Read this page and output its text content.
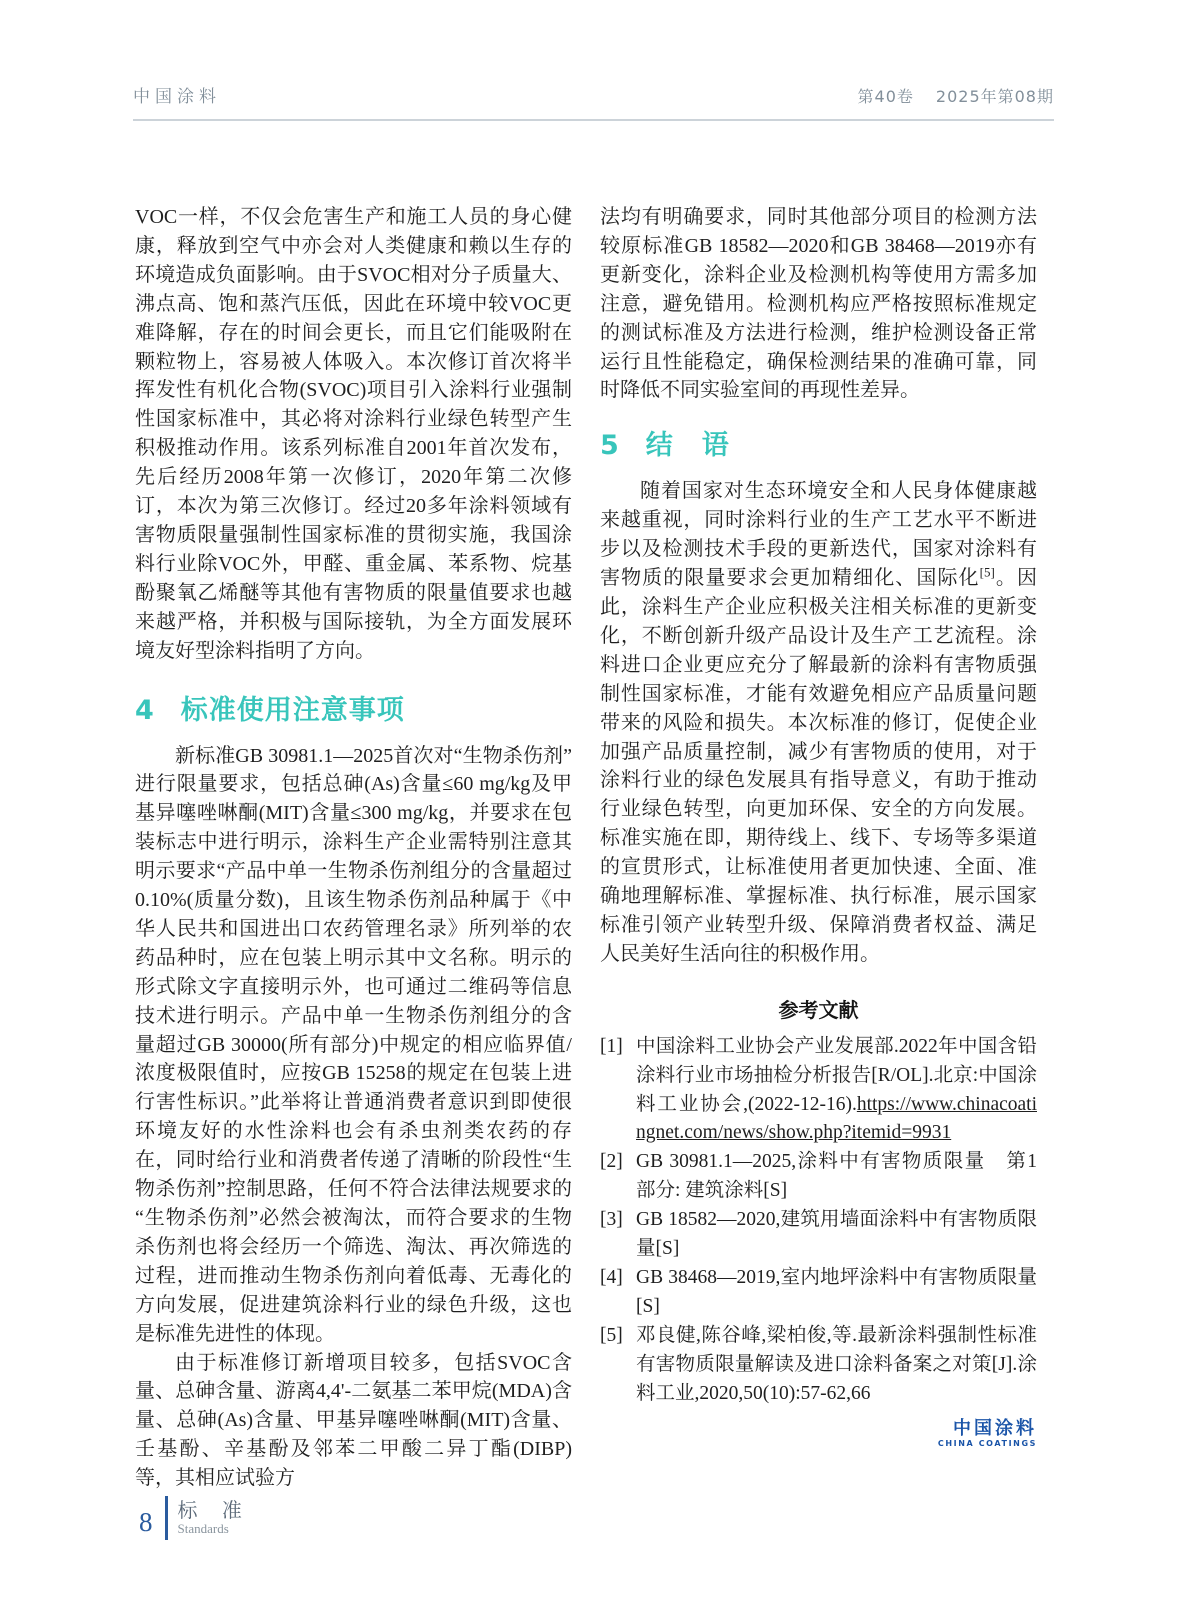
中国涂料	第40卷 2025年第08期

VOC一样，不仅会危害生产和施工人员的身心健康，释放到空气中亦会对人类健康和赖以生存的环境造成负面影响。由于SVOC相对分子质量大、沸点高、饱和蒸汽压低，因此在环境中较VOC更难降解，存在的时间会更长，而且它们能吸附在颗粒物上，容易被人体吸入。本次修订首次将半挥发性有机化合物(SVOC)项目引入涂料行业强制性国家标准中，其必将对涂料行业绿色转型产生积极推动作用。该系列标准自2001年首次发布，先后经历2008年第一次修订，2020年第二次修订，本次为第三次修订。经过20多年涂料领域有害物质限量强制性国家标准的贯彻实施，我国涂料行业除VOC外，甲醛、重金属、苯系物、烷基酚聚氧乙烯醚等其他有害物质的限量值要求也越来越严格，并积极与国际接轨，为全方面发展环境友好型涂料指明了方向。

4 标准使用注意事项

新标准GB 30981.1—2025首次对“生物杀伤剂”进行限量要求，包括总砷(As)含量≤60 mg/kg及甲基异噻唑啉酮(MIT)含量≤300 mg/kg，并要求在包装标志中进行明示，涂料生产企业需特别注意其明示要求“产品中单一生物杀伤剂组分的含量超过0.10%(质量分数)，且该生物杀伤剂品种属于《中华人民共和国进出口农药管理名录》所列举的农药品种时，应在包装上明示其中文名称。明示的形式除文字直接明示外，也可通过二维码等信息技术进行明示。产品中单一生物杀伤剂组分的含量超过GB 30000(所有部分)中规定的相应临界值/浓度极限值时，应按GB 15258的规定在包装上进行害性标识。”此举将让普通消费者意识到即使很环境友好的水性涂料也会有杀虫剂类农药的存在，同时给行业和消费者传递了清晰的阶段性“生物杀伤剂”控制思路，任何不符合法律法规要求的“生物杀伤剂”必然会被淘汰，而符合要求的生物杀伤剂也将会经历一个筛选、淘汰、再次筛选的过程，进而推动生物杀伤剂向着低毒、无毒化的方向发展，促进建筑涂料行业的绿色升级，这也是标准先进性的体现。

由于标准修订新增项目较多，包括SVOC含量、总砷含量、游离4,4'-二氨基二苯甲烷(MDA)含量、总砷(As)含量、甲基异噻唑啉酮(MIT)含量、壬基酚、辛基酚及邻苯二甲酸二异丁酯(DIBP)等，其相应试验方

法均有明确要求，同时其他部分项目的检测方法较原标准GB 18582—2020和GB 38468—2019亦有更新变化，涂料企业及检测机构等使用方需多加注意，避免错用。检测机构应严格按照标准规定的测试标准及方法进行检测，维护检测设备正常运行且性能稳定，确保检测结果的准确可靠，同时降低不同实验室间的再现性差异。

5 结　语

随着国家对生态环境安全和人民身体健康越来越重视，同时涂料行业的生产工艺水平不断进步以及检测技术手段的更新迭代，国家对涂料有害物质的限量要求会更加精细化、国际化[5]。因此，涂料生产企业应积极关注相关标准的更新变化，不断创新升级产品设计及生产工艺流程。涂料进口企业更应充分了解最新的涂料有害物质强制性国家标准，才能有效避免相应产品质量问题带来的风险和损失。本次标准的修订，促使企业加强产品质量控制，减少有害物质的使用，对于涂料行业的绿色发展具有指导意义，有助于推动行业绿色转型，向更加环保、安全的方向发展。标准实施在即，期待线上、线下、专场等多渠道的宣贯形式，让标准使用者更加快速、全面、准确地理解标准、掌握标准、执行标准，展示国家标准引领产业转型升级、保障消费者权益、满足人民美好生活向往的积极作用。

参考文献
[1] 中国涂料工业协会产业发展部.2022年中国含铅涂料行业市场抽检分析报告[R/OL].北京:中国涂料工业协会,(2022-12-16).https://www.chinacoatingnet.com/news/show.php?itemid=9931
[2] GB 30981.1—2025,涂料中有害物质限量　第1部分: 建筑涂料[S]
[3] GB 18582—2020,建筑用墙面涂料中有害物质限量[S]
[4] GB 38468—2019,室内地坪涂料中有害物质限量[S]
[5] 邓良健,陈谷峰,梁柏俊,等.最新涂料强制性标准有害物质限量解读及进口涂料备案之对策[J].涂料工业,2020,50(10):57-62,66
中国涂料
CHINA COATINGS
8 标 准
Standards
